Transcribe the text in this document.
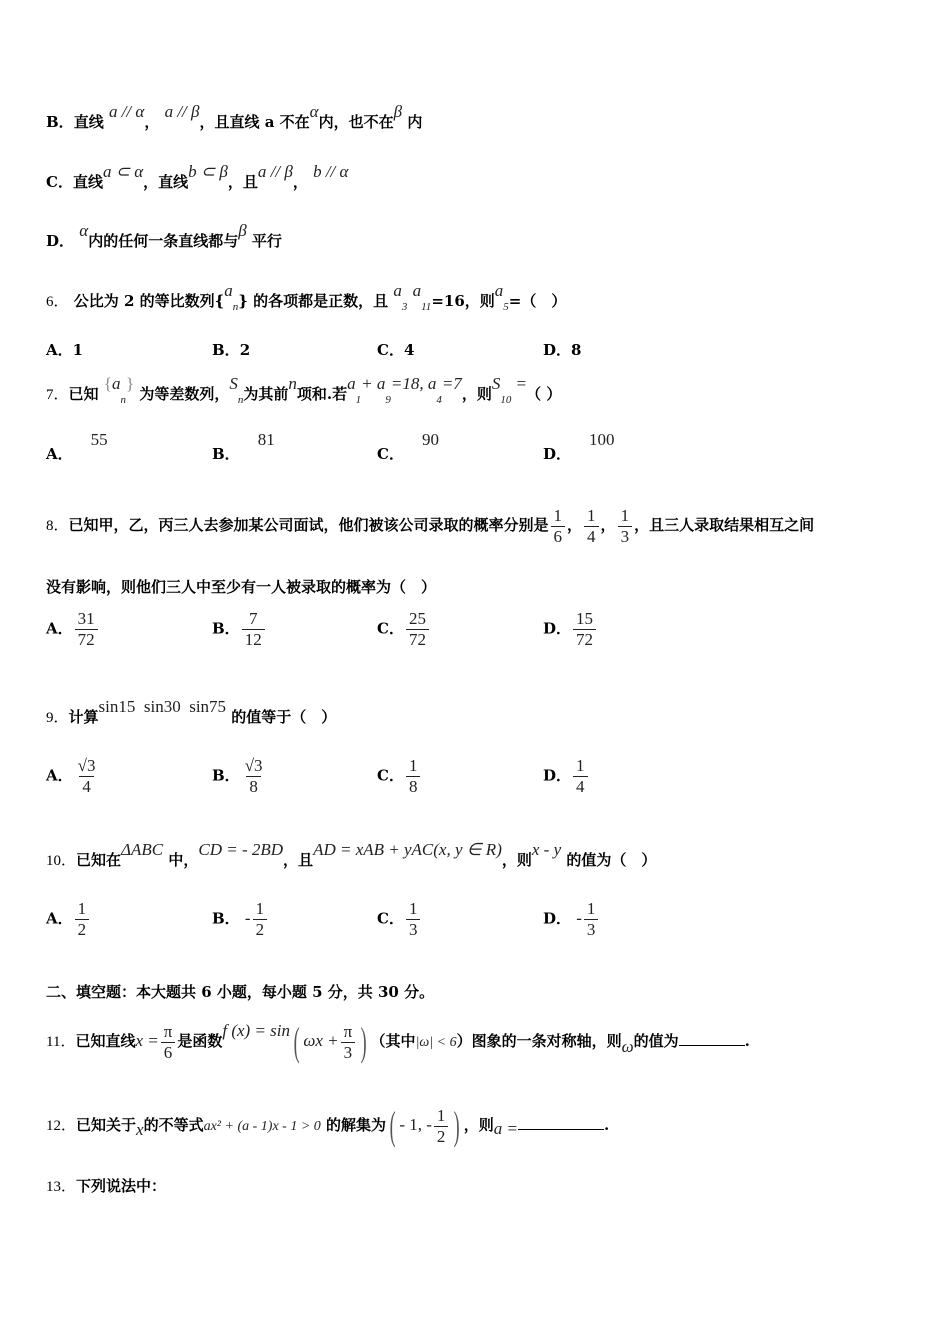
B．直线 a // α， a // β，且直线 a 不在α内，也不在β 内
C．直线a ⊂ α，直线b ⊂ β，且a // β， b // α
D． α内的任何一条直线都与β 平行
6． 公比为 2 的等比数列$\{a_n\}$ 的各项都是正数，且 $a_3$ $a_{11}=16$，则$a_5=$（　）
A．1	B．2	C．4	D．8
7．已知 $\{a_n\}$ 为等差数列，$S_n$为其前n项和.若$a_1+ a_9=18$, $a_4=7$，则$S_{10}$ =（ ）
A．55
B．81
C．90
D．100
8．已知甲，乙，丙三人去参加某公司面试，他们被该公司录取的概率分别是 $\frac{1}{6}$ ， $\frac{1}{4}$ ， $\frac{1}{3}$ ，且三人录取结果相互之间
没有影响，则他们三人中至少有一人被录取的概率为（　）
A． $\frac{31}{72}$	B． $\frac{7}{12}$	C． $\frac{25}{72}$	D． $\frac{15}{72}$
9．计算sin15  sin30  sin75 的值等于（　）
A． $\frac{√3}{4}$	B． $\frac{√3}{8}$	C． $\frac{1}{8}$	D． $\frac{1}{4}$
10．已知在ΔABC 中，CD = - 2BD，且AD = xAB + yAC(x, y ∈ R)，则x - y 的值为（　）
A． $\frac{1}{2}$	B． - $\frac{1}{2}$	C． $\frac{1}{3}$	D． - $\frac{1}{3}$
二、填空题：本大题共 6 小题，每小题 5 分，共 30 分。
11．已知直线$x = \frac{\pi}{6}$ 是函数f (x) = sin( $\omega x + \frac{\pi}{3}$ ) （其中|ω| < 6）图象的一条对称轴，则ω的值为	.
12．已知关于x的不等式ax² + (a - 1)x - 1 > 0 的解集为( - 1, - $\frac{1}{2}$ ) ，则a =	.
13．下列说法中：
